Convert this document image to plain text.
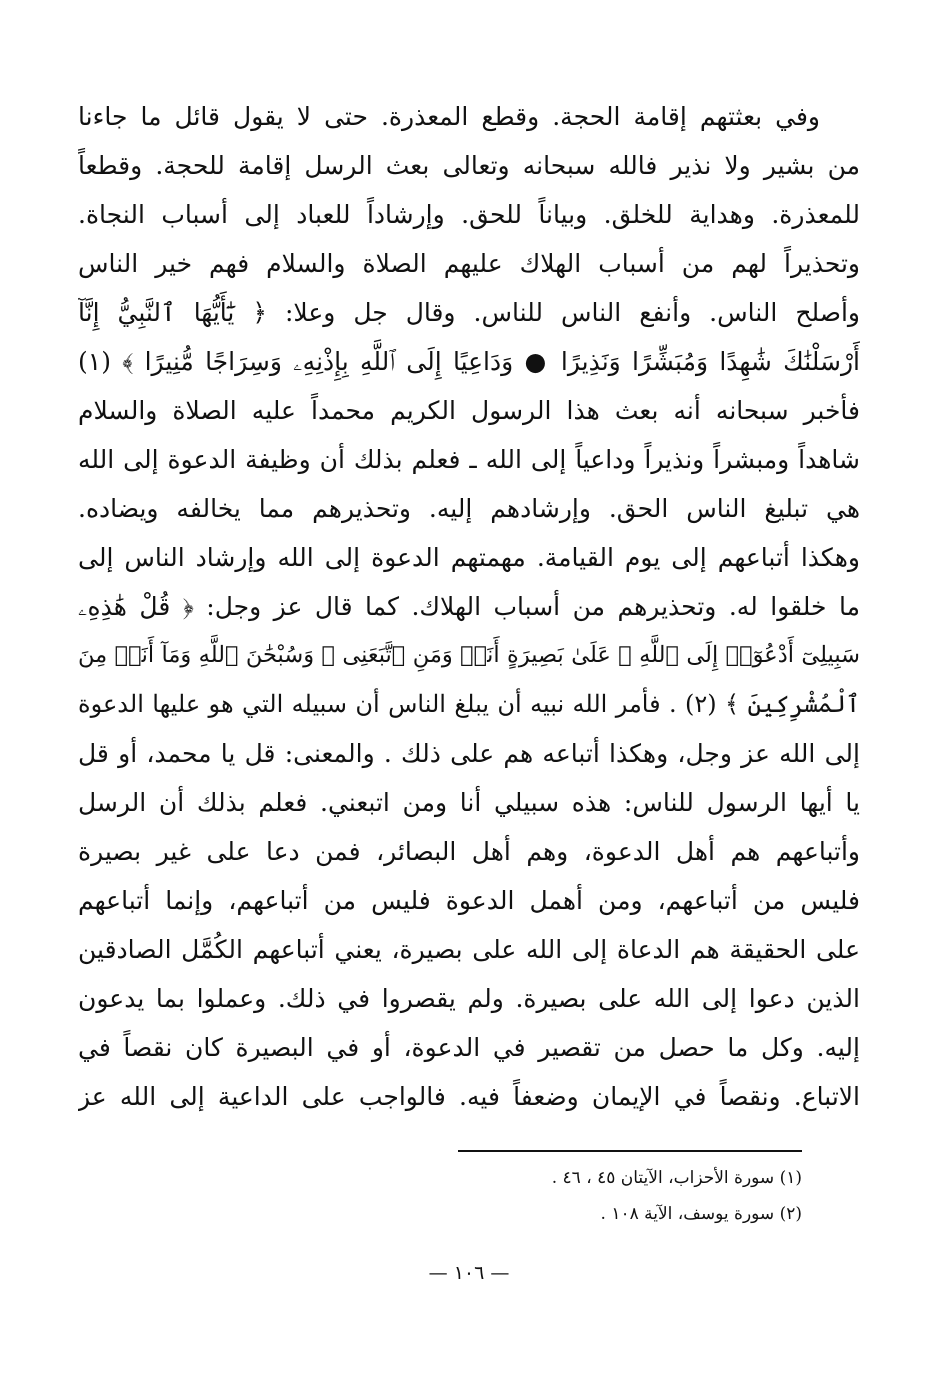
وفي بعثتهم إقامة الحجة. وقطع المعذرة. حتى لا يقول قائل ما جاءنا
من بشير ولا نذير فالله سبحانه وتعالى بعث الرسل إقامة للحجة. وقطعاً
للمعذرة. وهداية للخلق. وبياناً للحق. وإرشاداً للعباد إلى أسباب النجاة.
وتحذيراً لهم من أسباب الهلاك عليهم الصلاة والسلام فهم خير الناس
وأصلح الناس. وأنفع الناس للناس. وقال جل وعلا: ﴿ يَٰٓأَيُّهَا ٱلنَّبِيُّ إِنَّآ
أَرْسَلْنَٰكَ شَٰهِدًا وَمُبَشِّرًا وَنَذِيرًا ● وَدَاعِيًا إِلَى ٱللَّهِ بِإِذْنِهِۦ وَسِرَاجًا مُّنِيرًا ﴾ (١)
فأخبر سبحانه أنه بعث هذا الرسول الكريم محمداً عليه الصلاة والسلام
شاهداً ومبشراً ونذيراً وداعياً إلى الله ـ فعلم بذلك أن وظيفة الدعوة إلى الله
هي تبليغ الناس الحق. وإرشادهم إليه. وتحذيرهم مما يخالفه ويضاده.
وهكذا أتباعهم إلى يوم القيامة. مهمتهم الدعوة إلى الله وإرشاد الناس إلى
ما خلقوا له. وتحذيرهم من أسباب الهلاك. كما قال عز وجل: ﴿ قُلْ هَٰذِهِۦ
سَبِيلِىٓ أَدْعُوٓا۟ إِلَى ٱللَّهِ ۚ عَلَىٰ بَصِيرَةٍ أَنَا۠ وَمَنِ ٱتَّبَعَنِى ۖ وَسُبْحَٰنَ ٱللَّهِ وَمَآ أَنَا۠ مِنَ
ٱلْمُشْرِكِينَ ﴾ (٢) . فأمر الله نبيه أن يبلغ الناس أن سبيله التي هو عليها الدعوة
إلى الله عز وجل، وهكذا أتباعه هم على ذلك . والمعنى: قل يا محمد، أو قل
يا أيها الرسول للناس: هذه سبيلي أنا ومن اتبعني. فعلم بذلك أن الرسل
وأتباعهم هم أهل الدعوة، وهم أهل البصائر، فمن دعا على غير بصيرة
فليس من أتباعهم، ومن أهمل الدعوة فليس من أتباعهم، وإنما أتباعهم
على الحقيقة هم الدعاة إلى الله على بصيرة، يعني أتباعهم الكُمَّل الصادقين
الذين دعوا إلى الله على بصيرة. ولم يقصروا في ذلك. وعملوا بما يدعون
إليه. وكل ما حصل من تقصير في الدعوة، أو في البصيرة كان نقصاً في
الاتباع. ونقصاً في الإيمان وضعفاً فيه. فالواجب على الداعية إلى الله عز
(١) سورة الأحزاب، الآيتان ٤٥ ، ٤٦ .
(٢) سورة يوسف، الآية ١٠٨ .
— ١٠٦ —
